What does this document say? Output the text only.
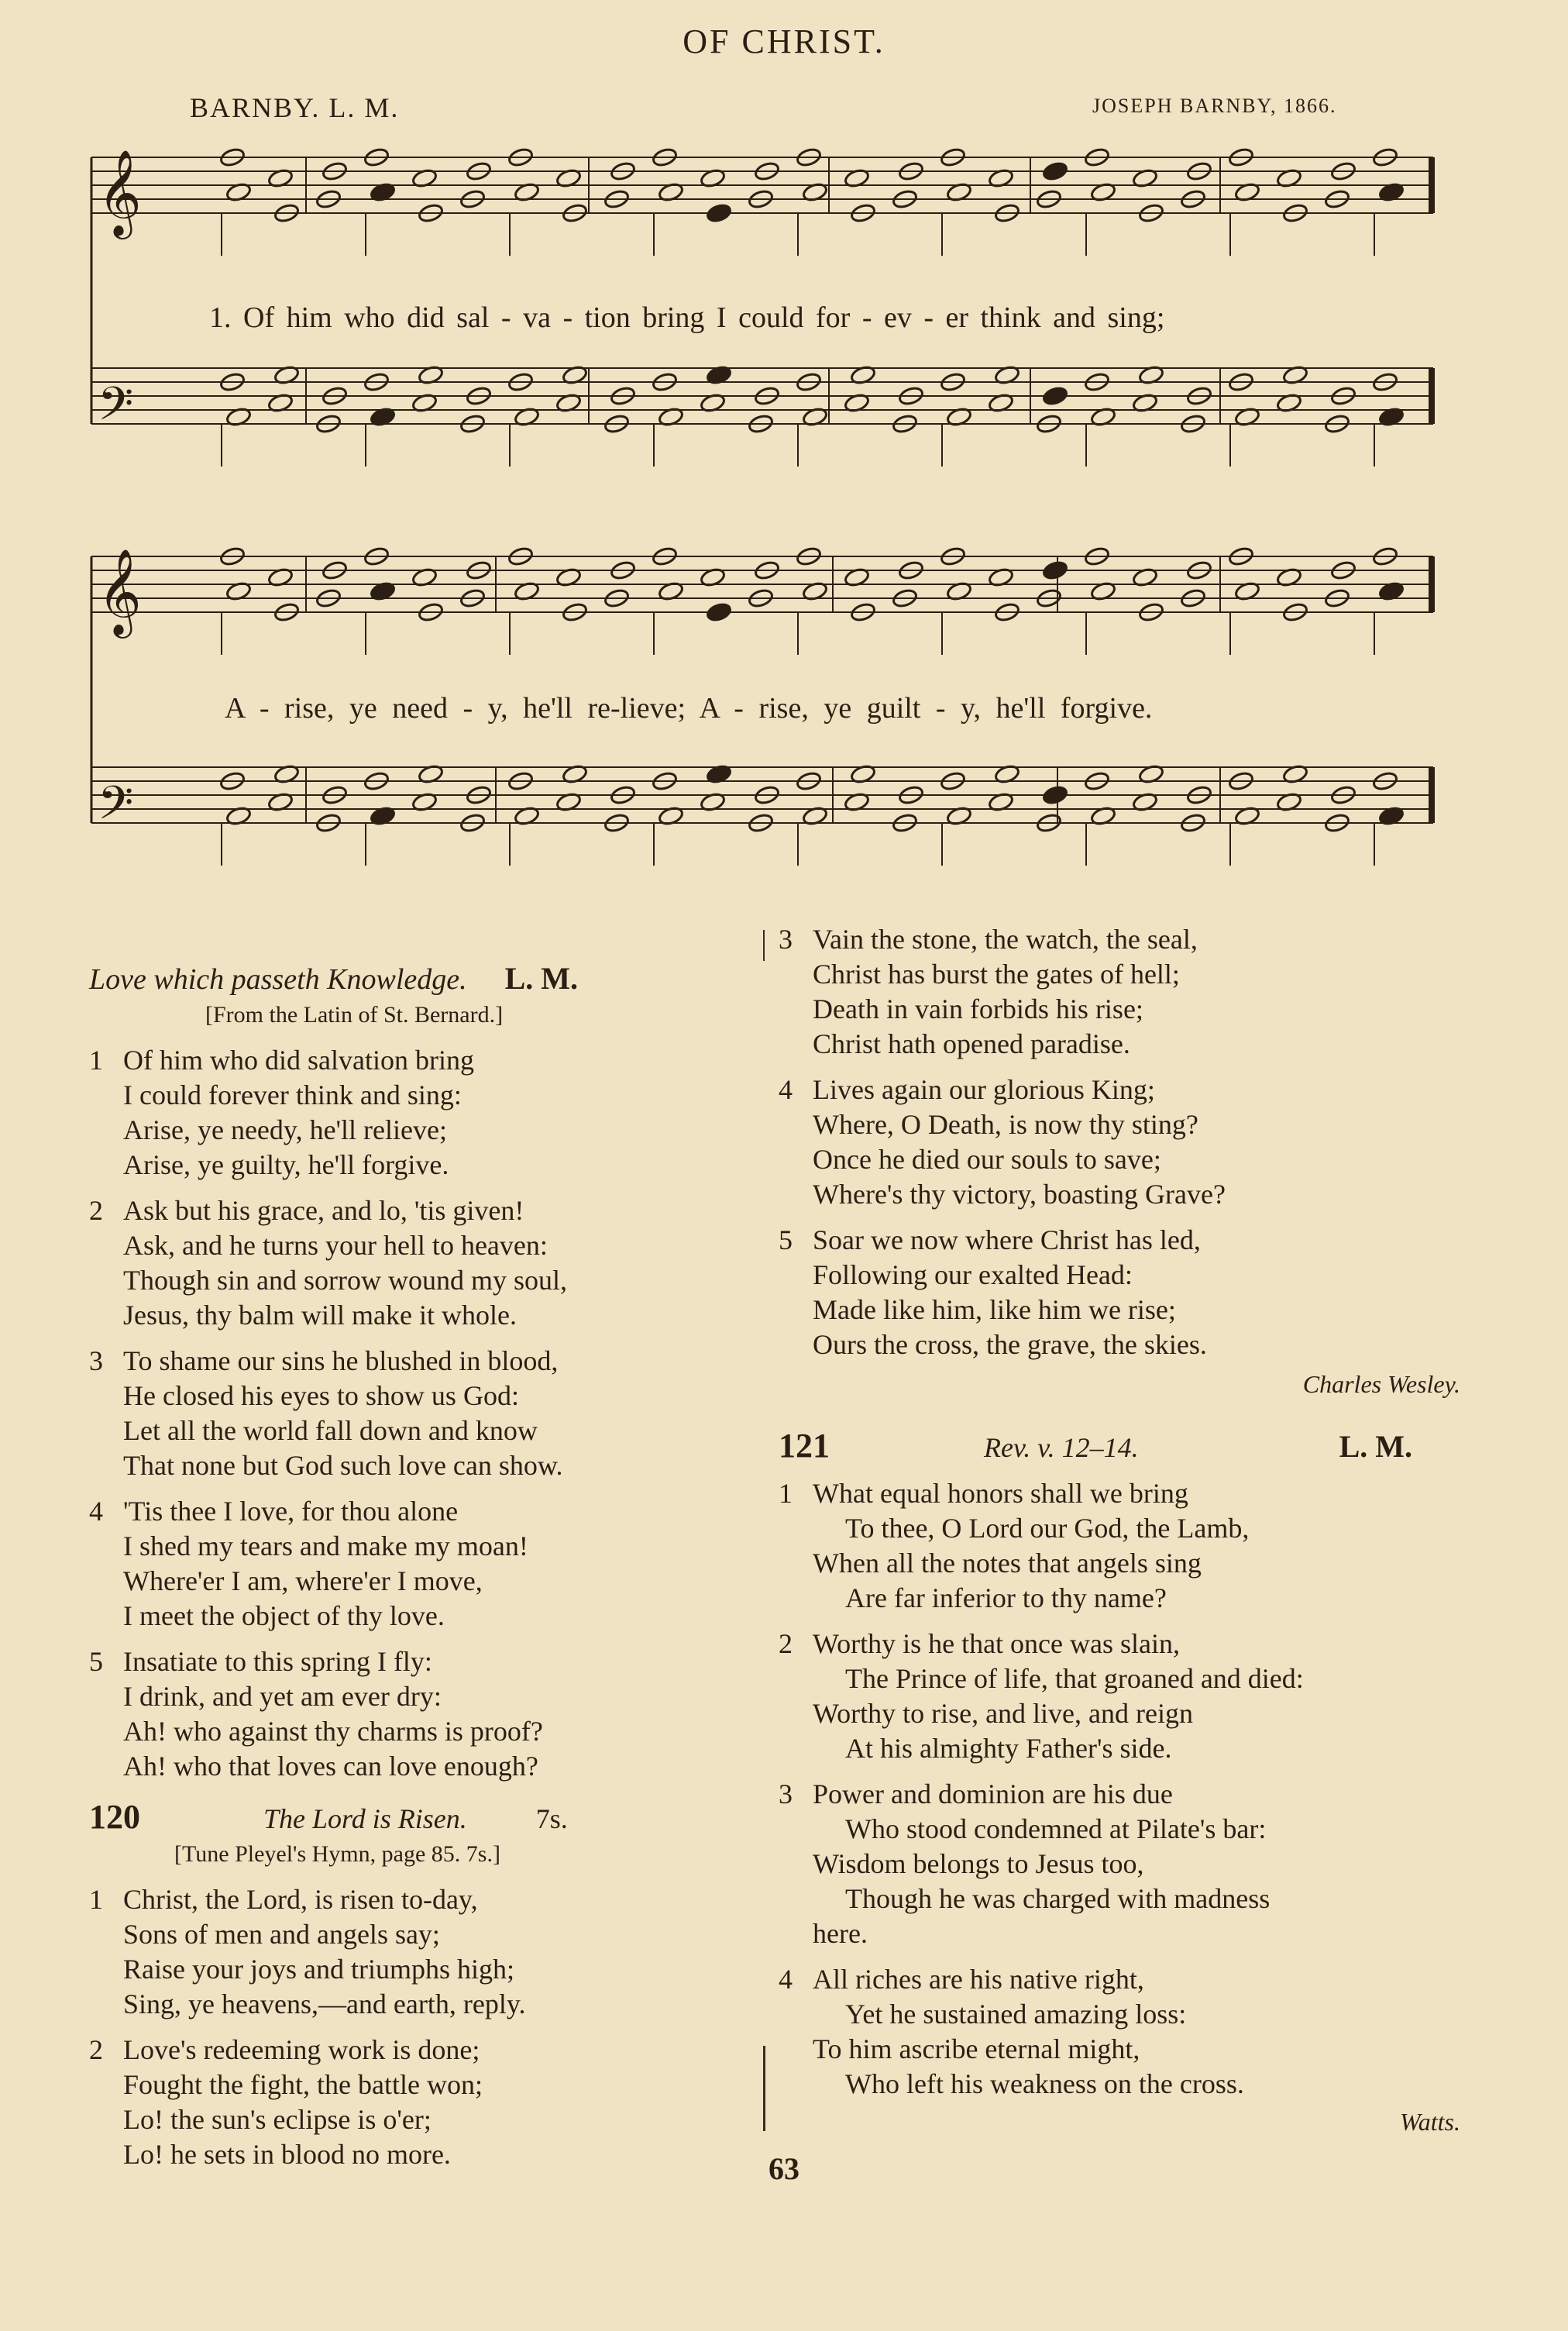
OF CHRIST.
BARNBY. L. M.	JOSEPH BARNBY, 1866.
𝄞
𝄢
1. Of him who did sal - va - tion bring I could for - ev - er think and sing;
𝄞
𝄢
A - rise, ye need - y, he'll re-lieve; A - rise, ye guilt - y, he'll forgive.
Love which passeth Knowledge. L. M.
[From the Latin of St. Bernard.]
1 Of him who did salvation bring
I could forever think and sing:
Arise, ye needy, he'll relieve;
Arise, ye guilty, he'll forgive.
2 Ask but his grace, and lo, 'tis given!
Ask, and he turns your hell to heaven:
Though sin and sorrow wound my soul,
Jesus, thy balm will make it whole.
3 To shame our sins he blushed in blood,
He closed his eyes to show us God:
Let all the world fall down and know
That none but God such love can show.
4 'Tis thee I love, for thou alone
I shed my tears and make my moan!
Where'er I am, where'er I move,
I meet the object of thy love.
5 Insatiate to this spring I fly:
I drink, and yet am ever dry:
Ah! who against thy charms is proof?
Ah! who that loves can love enough?
120	The Lord is Risen. 7s.
[Tune Pleyel's Hymn, page 85. 7s.]
1 Christ, the Lord, is risen to-day,
Sons of men and angels say;
Raise your joys and triumphs high;
Sing, ye heavens,—and earth, reply.
2 Love's redeeming work is done;
Fought the fight, the battle won;
Lo! the sun's eclipse is o'er;
Lo! he sets in blood no more.
3 Vain the stone, the watch, the seal,
Christ has burst the gates of hell;
Death in vain forbids his rise;
Christ hath opened paradise.
4 Lives again our glorious King;
Where, O Death, is now thy sting?
Once he died our souls to save;
Where's thy victory, boasting Grave?
5 Soar we now where Christ has led,
Following our exalted Head:
Made like him, like him we rise;
Ours the cross, the grave, the skies.
Charles Wesley.
121	Rev. v. 12–14.	L. M.
1 What equal honors shall we bring
To thee, O Lord our God, the Lamb,
When all the notes that angels sing
Are far inferior to thy name?
2 Worthy is he that once was slain,
The Prince of life, that groaned and died:
Worthy to rise, and live, and reign
At his almighty Father's side.
3 Power and dominion are his due
Who stood condemned at Pilate's bar:
Wisdom belongs to Jesus too,
Though he was charged with madness
here.
4 All riches are his native right,
Yet he sustained amazing loss:
To him ascribe eternal might,
Who left his weakness on the cross.
Watts.
63
